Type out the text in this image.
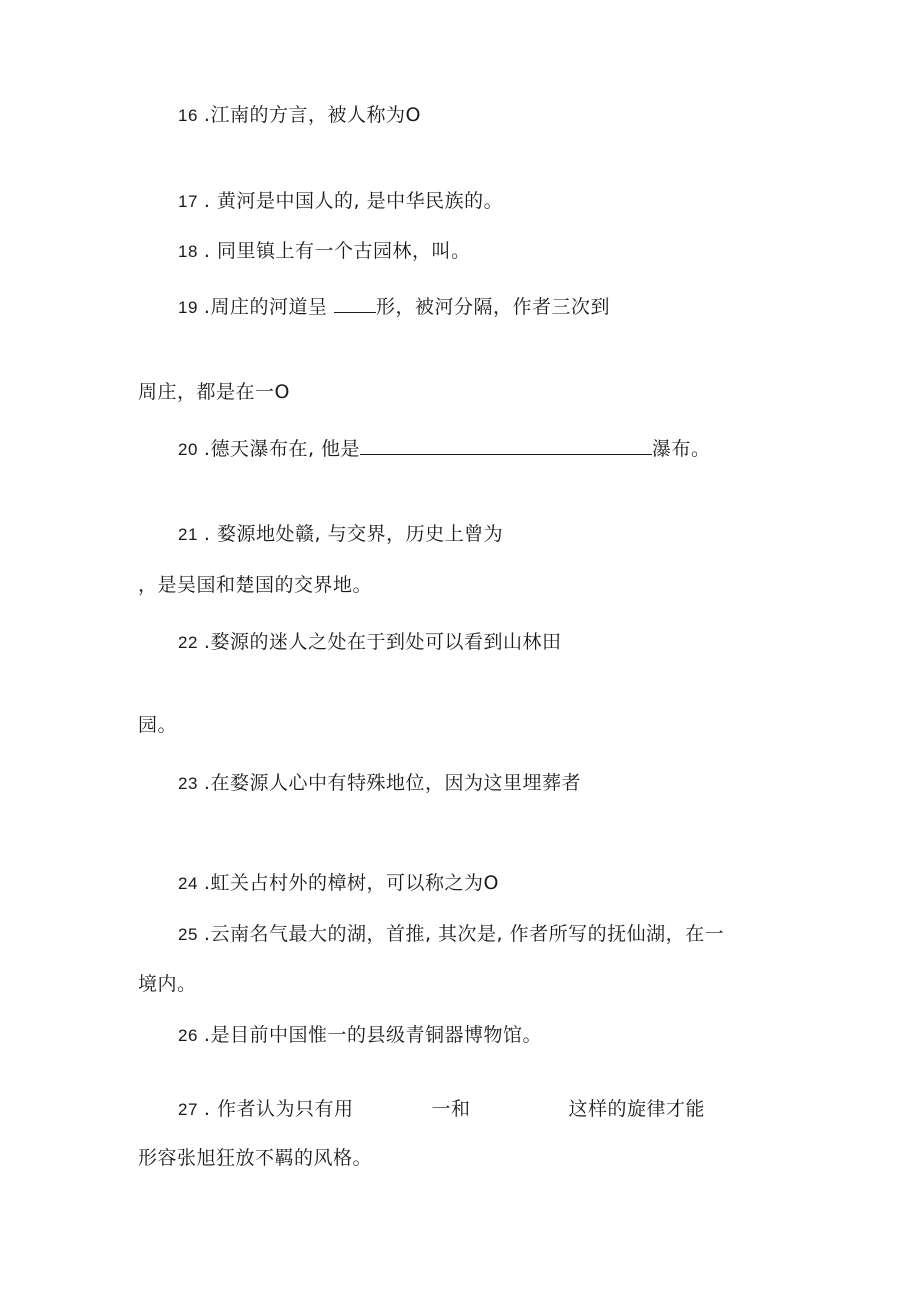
16 .江南的方言，被人称为O
17 . 黄河是中国人的, 是中华民族的。
18 . 同里镇上有一个古园林，叫。
19 .周庄的河道呈 形，被河分隔，作者三次到
周庄，都是在一O
20 .德天瀑布在, 他是	瀑布。
21 . 婺源地处赣, 与交界，历史上曾为
，是吴国和楚国的交界地。
22 .婺源的迷人之处在于到处可以看到山林田
园。
23 .在婺源人心中有特殊地位，因为这里埋葬者
24 .虹关占村外的樟树，可以称之为O
25 .云南名气最大的湖，首推, 其次是, 作者所写的抚仙湖，在一
境内。
26 .是目前中国惟一的县级青铜器博物馆。
27 . 作者认为只有用	一和	这样的旋律才能
形容张旭狂放不羁的风格。
